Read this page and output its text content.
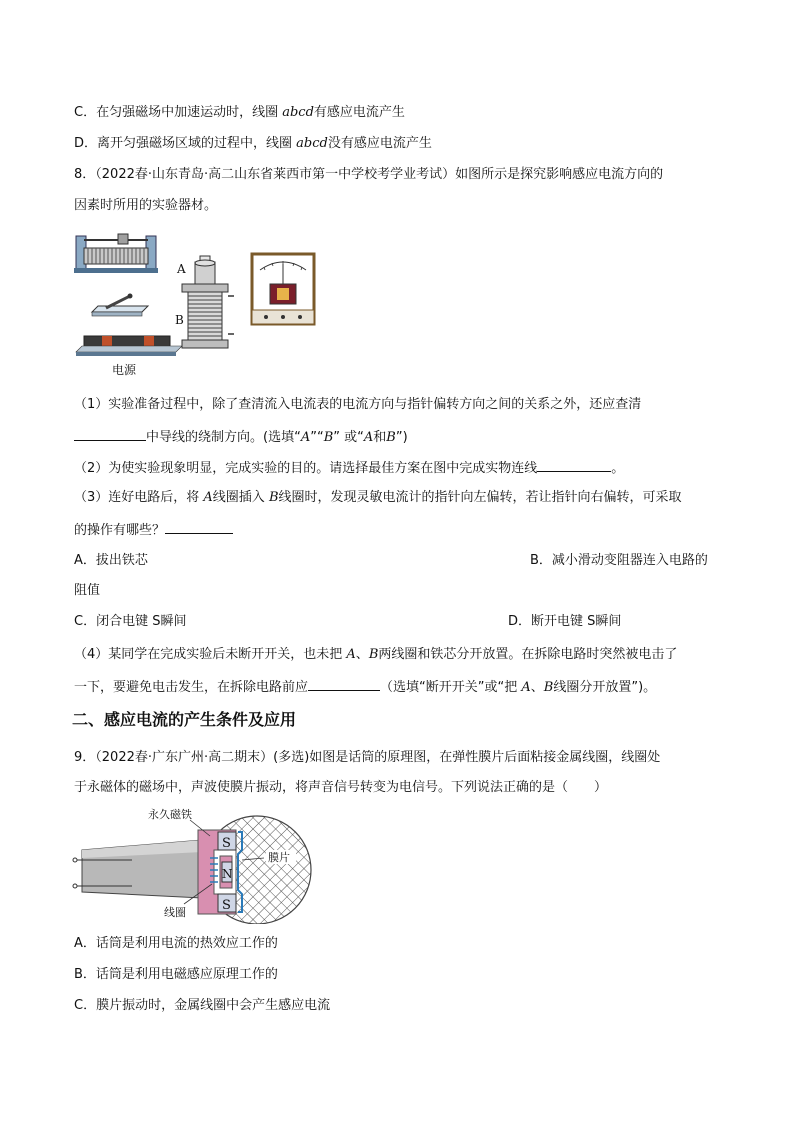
C．在匀强磁场中加速运动时，线圈 abcd有感应电流产生
D．离开匀强磁场区域的过程中，线圈 abcd没有感应电流产生
8．（2022春·山东青岛·高二山东省莱西市第一中学校考学业考试）如图所示是探究影响感应电流方向的
因素时所用的实验器材。
电源
A
B
（1）实验准备过程中，除了查清流入电流表的电流方向与指针偏转方向之间的关系之外，还应查清
中导线的绕制方向。(选填“A”“B” 或“A和B”)
（2）为使实验现象明显，完成实验的目的。请选择最佳方案在图中完成实物连线	。
（3）连好电路后，将 A线圈插入 B线圈时，发现灵敏电流计的指针向左偏转，若让指针向右偏转，可采取
的操作有哪些？
A．拔出铁芯	B．减小滑动变阻器连入电路的
阻值
C．闭合电键 S瞬间	D．断开电键 S瞬间
（4）某同学在完成实验后未断开开关，也未把 A、B两线圈和铁芯分开放置。在拆除电路时突然被电击了
一下，要避免电击发生，在拆除电路前应	（选填“断开开关”或“把 A、B线圈分开放置”)。
二、感应电流的产生条件及应用
9．（2022春·广东广州·高二期末）(多选)如图是话筒的原理图，在弹性膜片后面粘接金属线圈，线圈处
于永磁体的磁场中，声波使膜片振动，将声音信号转变为电信号。下列说法正确的是（　　）
S
N
S
永久磁铁
膜片
线圈
A．话筒是利用电流的热效应工作的
B．话筒是利用电磁感应原理工作的
C．膜片振动时，金属线圈中会产生感应电流
